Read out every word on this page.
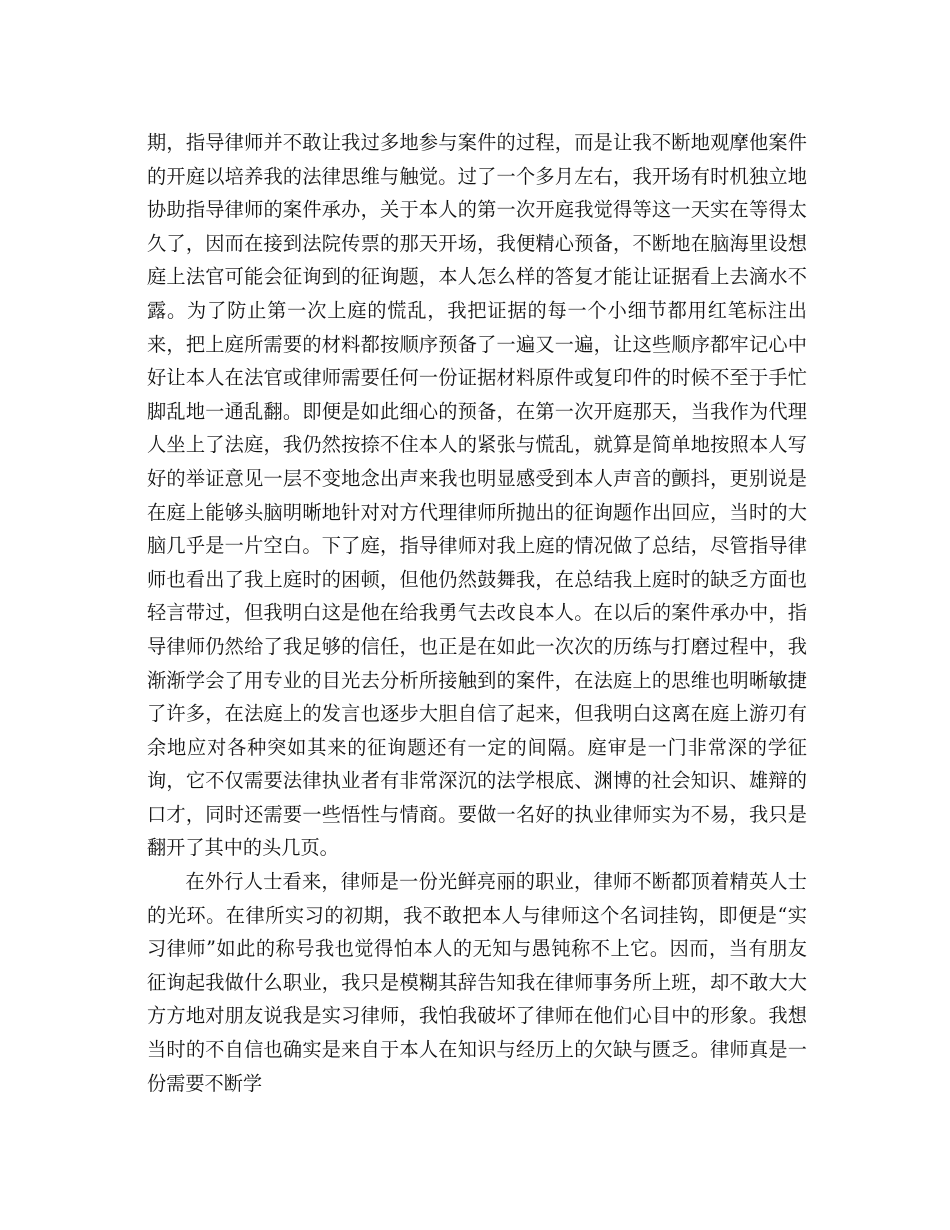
期，指导律师并不敢让我过多地参与案件的过程，而是让我不断地观摩他案件的开庭以培养我的法律思维与触觉。过了一个多月左右，我开场有时机独立地协助指导律师的案件承办，关于本人的第一次开庭我觉得等这一天实在等得太久了，因而在接到法院传票的那天开场，我便精心预备，不断地在脑海里设想庭上法官可能会征询到的征询题，本人怎么样的答复才能让证据看上去滴水不露。为了防止第一次上庭的慌乱，我把证据的每一个小细节都用红笔标注出来，把上庭所需要的材料都按顺序预备了一遍又一遍，让这些顺序都牢记心中好让本人在法官或律师需要任何一份证据材料原件或复印件的时候不至于手忙脚乱地一通乱翻。即便是如此细心的预备，在第一次开庭那天，当我作为代理人坐上了法庭，我仍然按捺不住本人的紧张与慌乱，就算是简单地按照本人写好的举证意见一层不变地念出声来我也明显感受到本人声音的颤抖，更别说是在庭上能够头脑明晰地针对对方代理律师所抛出的征询题作出回应，当时的大脑几乎是一片空白。下了庭，指导律师对我上庭的情况做了总结，尽管指导律师也看出了我上庭时的困顿，但他仍然鼓舞我，在总结我上庭时的缺乏方面也轻言带过，但我明白这是他在给我勇气去改良本人。在以后的案件承办中，指导律师仍然给了我足够的信任，也正是在如此一次次的历练与打磨过程中，我渐渐学会了用专业的目光去分析所接触到的案件，在法庭上的思维也明晰敏捷了许多，在法庭上的发言也逐步大胆自信了起来，但我明白这离在庭上游刃有余地应对各种突如其来的征询题还有一定的间隔。庭审是一门非常深的学征询，它不仅需要法律执业者有非常深沉的法学根底、渊博的社会知识、雄辩的口才，同时还需要一些悟性与情商。要做一名好的执业律师实为不易，我只是翻开了其中的头几页。

在外行人士看来，律师是一份光鲜亮丽的职业，律师不断都顶着精英人士的光环。在律所实习的初期，我不敢把本人与律师这个名词挂钩，即便是“实习律师”如此的称号我也觉得怕本人的无知与愚钝称不上它。因而，当有朋友征询起我做什么职业，我只是模糊其辞告知我在律师事务所上班，却不敢大大方方地对朋友说我是实习律师，我怕我破坏了律师在他们心目中的形象。我想当时的不自信也确实是来自于本人在知识与经历上的欠缺与匮乏。律师真是一份需要不断学
